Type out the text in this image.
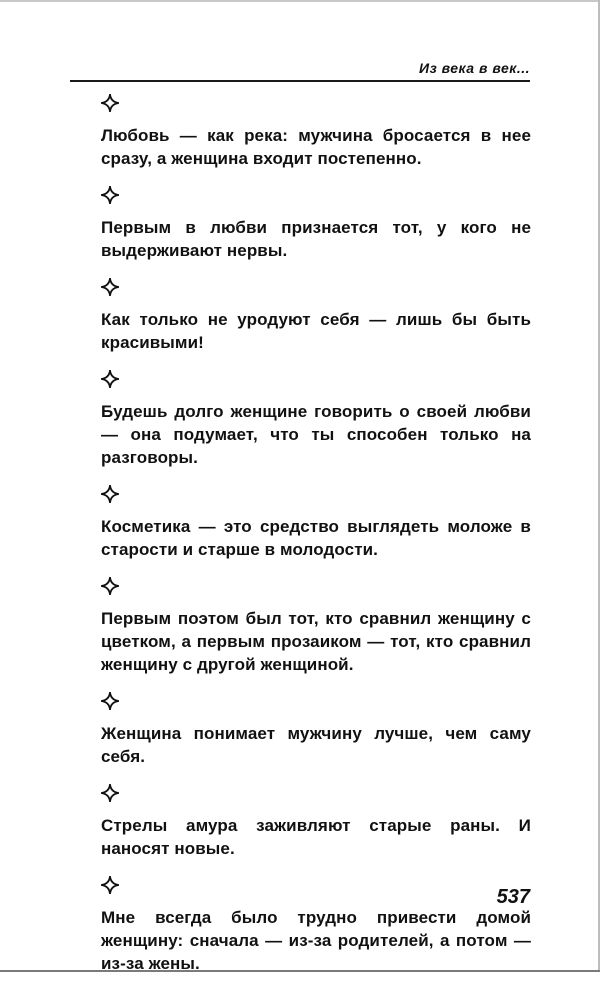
Из века в век...

Любовь — как река: мужчина бросается в нее сразу, а женщина входит постепенно.

Первым в любви признается тот, у кого не выдерживают нервы.

Как только не уродуют себя — лишь бы быть красивыми!

Будешь долго женщине говорить о своей любви — она подумает, что ты способен только на разговоры.

Косметика — это средство выглядеть моложе в старости и старше в молодости.

Первым поэтом был тот, кто сравнил женщину с цветком, а первым прозаиком — тот, кто сравнил женщину с другой женщиной.

Женщина понимает мужчину лучше, чем саму себя.

Стрелы амура заживляют старые раны. И наносят новые.

Мне всегда было трудно привести домой женщину: сначала — из-за родителей, а потом — из-за жены.

537
